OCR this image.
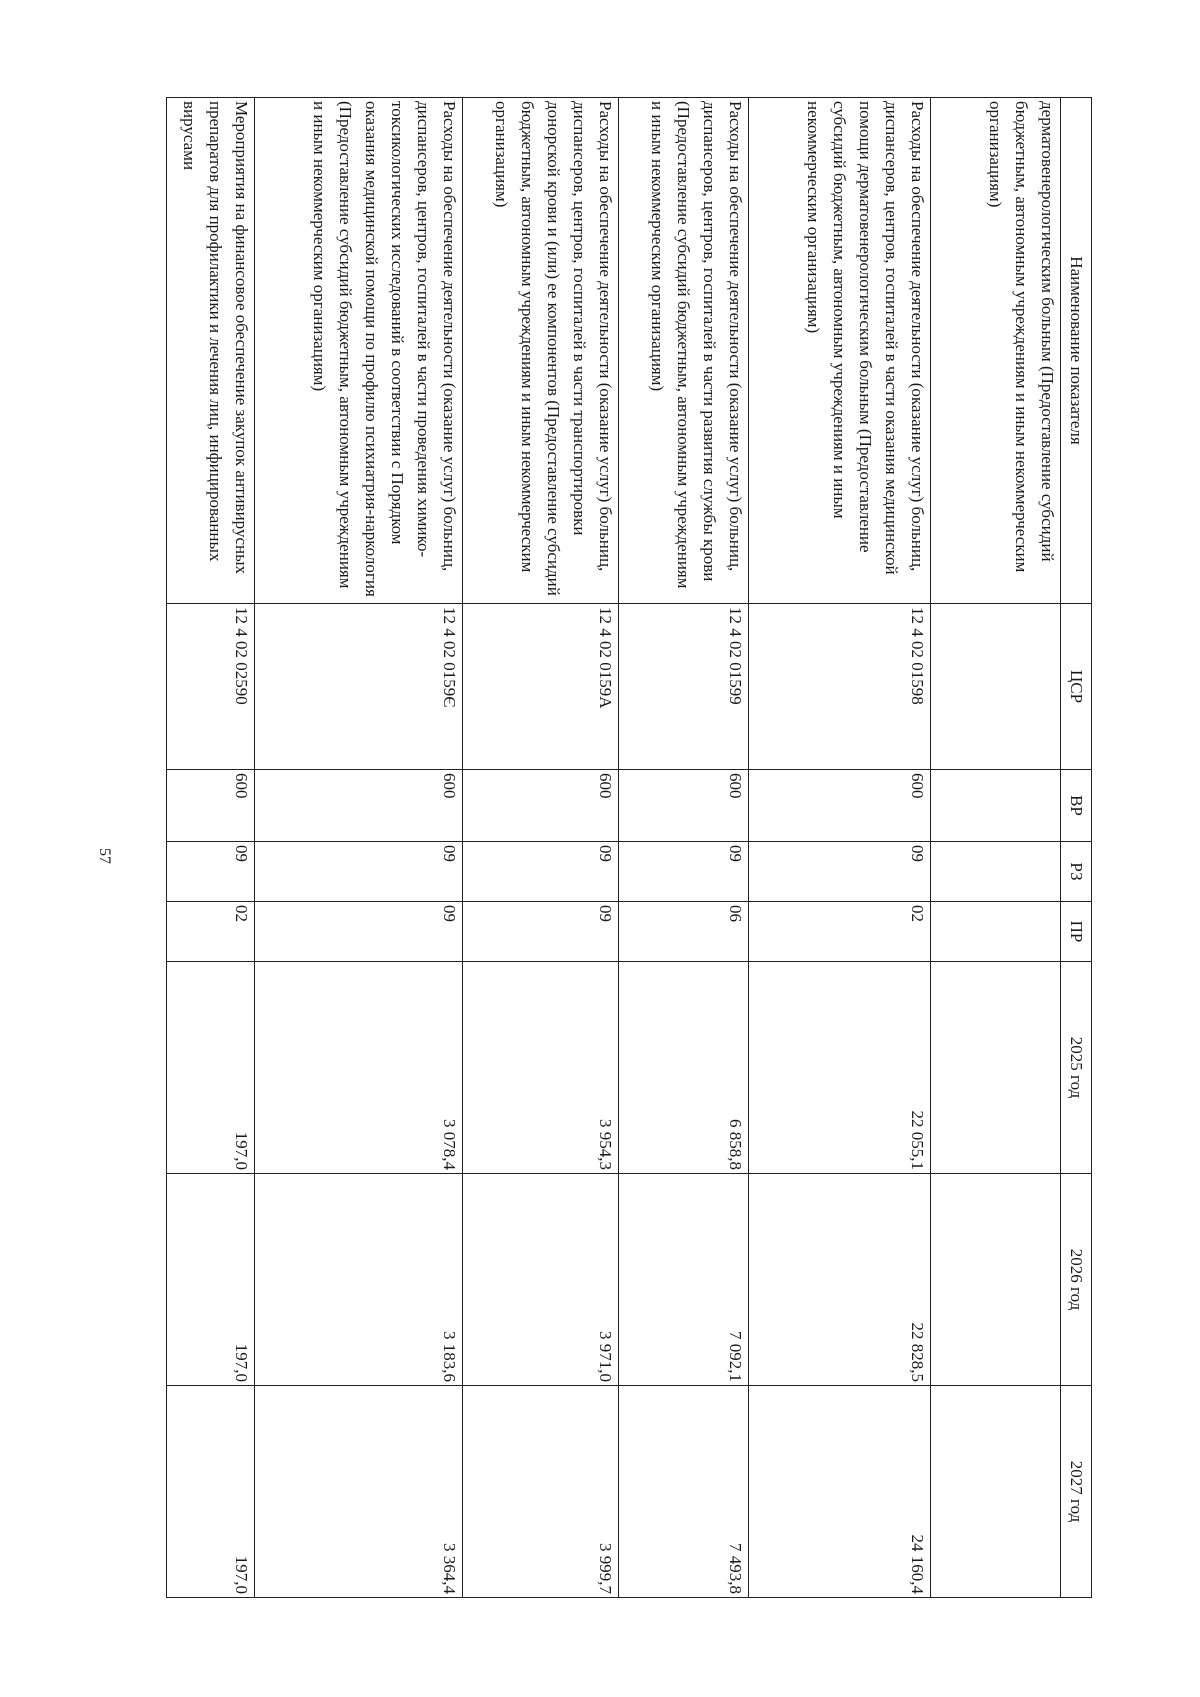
57
Наименование показателя	ЦСР	ВР	РЗ	ПР	2025 год	2026 год	2027 год
дерматовенерологическим больным (Предоставление субсидий бюджетным, автономным учреждениям и иным некоммерческим организациям)							
Расходы на обеспечение деятельности (оказание услуг) больниц, диспансеров, центров, госпиталей в части оказания медицинской помощи дерматовенерологическим больным (Предоставление субсидий бюджетным, автономным учреждениям и иным некоммерческим организациям)	12 4 02 01598	600	09	02	22 055,1	22 828,5	24 160,4
Расходы на обеспечение деятельности (оказание услуг) больниц, диспансеров, центров, госпиталей в части развития службы крови (Предоставление субсидий бюджетным, автономным учреждениям и иным некоммерческим организациям)	12 4 02 01599	600	09	06	6 858,8	7 092,1	7 493,8
Расходы на обеспечение деятельности (оказание услуг) больниц, диспансеров, центров, госпиталей в части транспортировки донорской крови и (или) ее компонентов (Предоставление субсидий бюджетным, автономным учреждениям и иным некоммерческим организациям)	12 4 02 0159А	600	09	09	3 954,3	3 971,0	3 999,7
Расходы на обеспечение деятельности (оказание услуг) больниц, диспансеров, центров, госпиталей в части проведения химико-токсикологических исследований в соответствии с Порядком оказания медицинской помощи по профилю психиатрия-наркология (Предоставление субсидий бюджетным, автономным учреждениям и иным некоммерческим организациям)	12 4 02 0159Є	600	09	09	3 078,4	3 183,6	3 364,4
Мероприятия на финансовое обеспечение закупок антивирусных препаратов для профилактики и лечения лиц, инфицированных вирусами	12 4 02 02590	600	09	02	197,0	197,0	197,0
